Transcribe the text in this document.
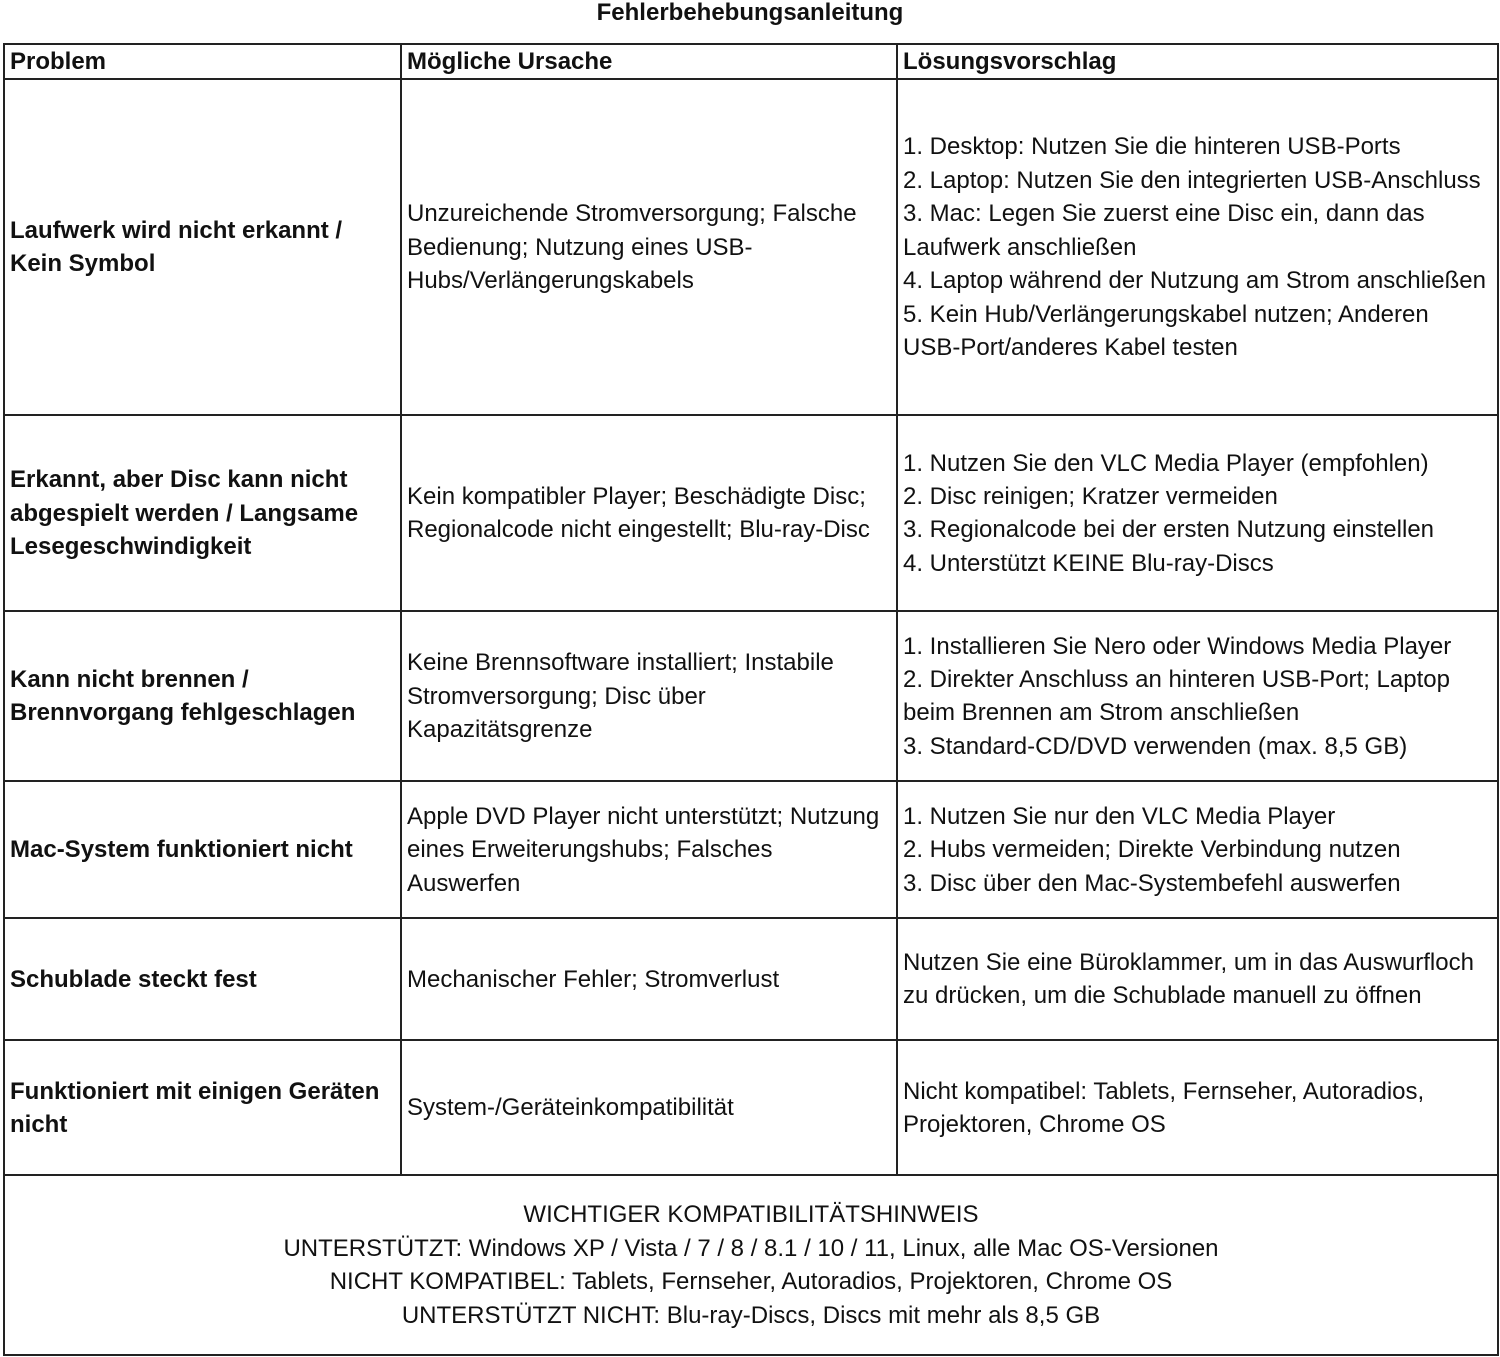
Fehlerbehebungsanleitung
Problem	Mögliche Ursache	Lösungsvorschlag
Laufwerk wird nicht erkannt / Kein Symbol	Unzureichende Stromversorgung; Falsche Bedienung; Nutzung eines USB-Hubs/Verlängerungskabels	1. Desktop: Nutzen Sie die hinteren USB-Ports
2. Laptop: Nutzen Sie den integrierten USB-Anschluss
3. Mac: Legen Sie zuerst eine Disc ein, dann das Laufwerk anschließen
4. Laptop während der Nutzung am Strom anschließen
5. Kein Hub/Verlängerungskabel nutzen; Anderen USB-Port/anderes Kabel testen

Erkannt, aber Disc kann nicht abgespielt werden / Langsame Lesegeschwindigkeit	Kein kompatibler Player; Beschädigte Disc; Regionalcode nicht eingestellt; Blu-ray-Disc	1. Nutzen Sie den VLC Media Player (empfohlen)
2. Disc reinigen; Kratzer vermeiden
3. Regionalcode bei der ersten Nutzung einstellen
4. Unterstützt KEINE Blu-ray-Discs

Kann nicht brennen / Brennvorgang fehlgeschlagen	Keine Brennsoftware installiert; Instabile Stromversorgung; Disc über Kapazitätsgrenze	1. Installieren Sie Nero oder Windows Media Player
2. Direkter Anschluss an hinteren USB-Port; Laptop beim Brennen am Strom anschließen
3. Standard-CD/DVD verwenden (max. 8,5 GB)

Mac-System funktioniert nicht	Apple DVD Player nicht unterstützt; Nutzung eines Erweiterungshubs; Falsches Auswerfen	1. Nutzen Sie nur den VLC Media Player
2. Hubs vermeiden; Direkte Verbindung nutzen
3. Disc über den Mac-Systembefehl auswerfen

Schublade steckt fest	Mechanischer Fehler; Stromverlust	Nutzen Sie eine Büroklammer, um in das Auswurfloch zu drücken, um die Schublade manuell zu öffnen

Funktioniert mit einigen Geräten nicht	System-/Geräteinkompatibilität	Nicht kompatibel: Tablets, Fernseher, Autoradios, Projektoren, Chrome OS

WICHTIGER KOMPATIBILITÄTSHINWEIS
UNTERSTÜTZT: Windows XP / Vista / 7 / 8 / 8.1 / 10 / 11, Linux, alle Mac OS-Versionen
NICHT KOMPATIBEL: Tablets, Fernseher, Autoradios, Projektoren, Chrome OS
UNTERSTÜTZT NICHT: Blu-ray-Discs, Discs mit mehr als 8,5 GB		
